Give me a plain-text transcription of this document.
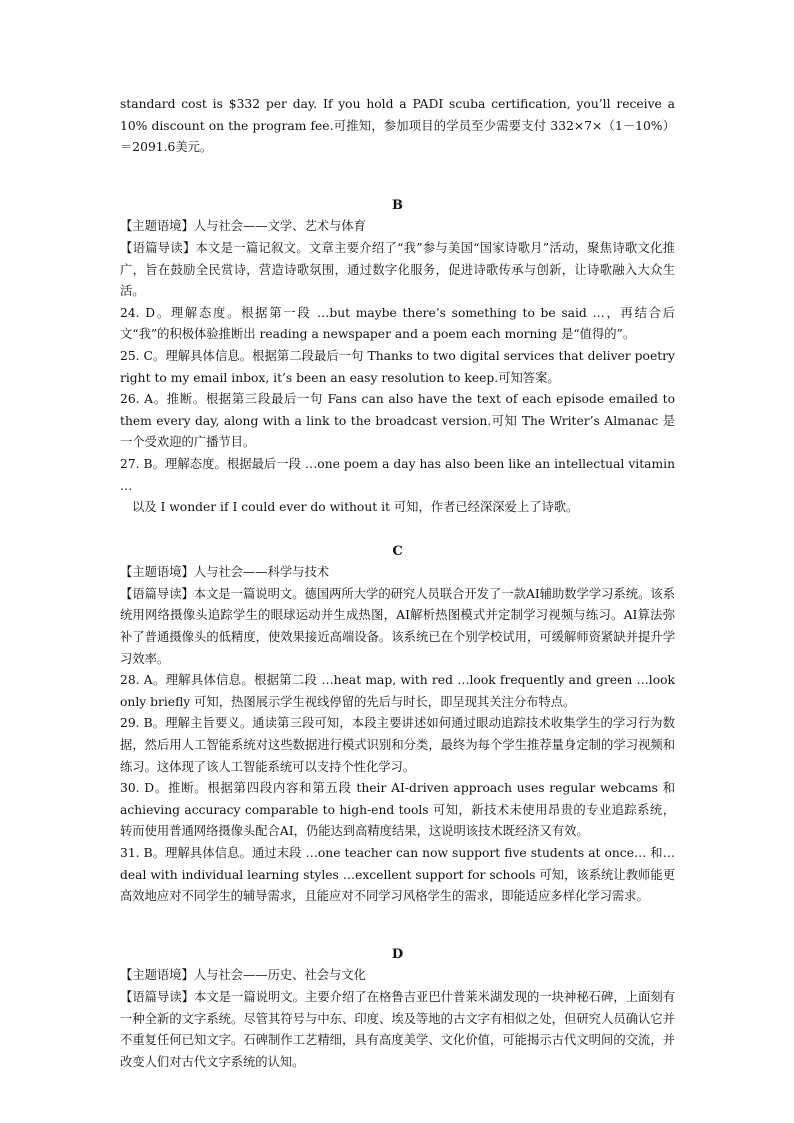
standard cost is $332 per day. If you hold a PADI scuba certification, you’ll receive a 10% discount on the program fee.可推知，参加项目的学员至少需要支付 332×7×（1－10%）＝2091.6美元。

B

【主题语境】人与社会——文学、艺术与体育

【语篇导读】本文是一篇记叙文。文章主要介绍了“我”参与美国“国家诗歌月”活动，聚焦诗歌文化推广，旨在鼓励全民赏诗，营造诗歌氛围，通过数字化服务，促进诗歌传承与创新，让诗歌融入大众生活。

24. D。理解态度。根据第一段 …but maybe there’s something to be said …，再结合后文“我”的积极体验推断出 reading a newspaper and a poem each morning 是“值得的”。

25. C。理解具体信息。根据第二段最后一句 Thanks to two digital services that deliver poetry right to my email inbox, it’s been an easy resolution to keep.可知答案。

26. A。推断。根据第三段最后一句 Fans can also have the text of each episode emailed to them every day, along with a link to the broadcast version.可知 The Writer’s Almanac 是一个受欢迎的广播节目。

27. B。理解态度。根据最后一段 …one poem a day has also been like an intellectual vitamin …

以及 I wonder if I could ever do without it 可知，作者已经深深爱上了诗歌。

C

【主题语境】人与社会——科学与技术

【语篇导读】本文是一篇说明文。德国两所大学的研究人员联合开发了一款AI辅助数学学习系统。该系统用网络摄像头追踪学生的眼球运动并生成热图，AI解析热图模式并定制学习视频与练习。AI算法弥补了普通摄像头的低精度，使效果接近高端设备。该系统已在个别学校试用，可缓解师资紧缺并提升学习效率。

28. A。理解具体信息。根据第二段 …heat map, with red …look frequently and green …look only briefly 可知，热图展示学生视线停留的先后与时长，即呈现其关注分布特点。

29. B。理解主旨要义。通读第三段可知，本段主要讲述如何通过眼动追踪技术收集学生的学习行为数据，然后用人工智能系统对这些数据进行模式识别和分类，最终为每个学生推荐量身定制的学习视频和练习。这体现了该人工智能系统可以支持个性化学习。

30. D。推断。根据第四段内容和第五段 their AI-driven approach uses regular webcams 和 achieving accuracy comparable to high-end tools 可知，新技术未使用昂贵的专业追踪系统，转而使用普通网络摄像头配合AI，仍能达到高精度结果，这说明该技术既经济又有效。

31. B。理解具体信息。通过末段 …one teacher can now support five students at once… 和…deal with individual learning styles …excellent support for schools 可知，该系统让教师能更高效地应对不同学生的辅导需求，且能应对不同学习风格学生的需求，即能适应多样化学习需求。

D

【主题语境】人与社会——历史、社会与文化

【语篇导读】本文是一篇说明文。主要介绍了在格鲁吉亚巴什普莱米湖发现的一块神秘石碑，上面刻有一种全新的文字系统。尽管其符号与中东、印度、埃及等地的古文字有相似之处，但研究人员确认它并不重复任何已知文字。石碑制作工艺精细，具有高度美学、文化价值，可能揭示古代文明间的交流，并改变人们对古代文字系统的认知。
